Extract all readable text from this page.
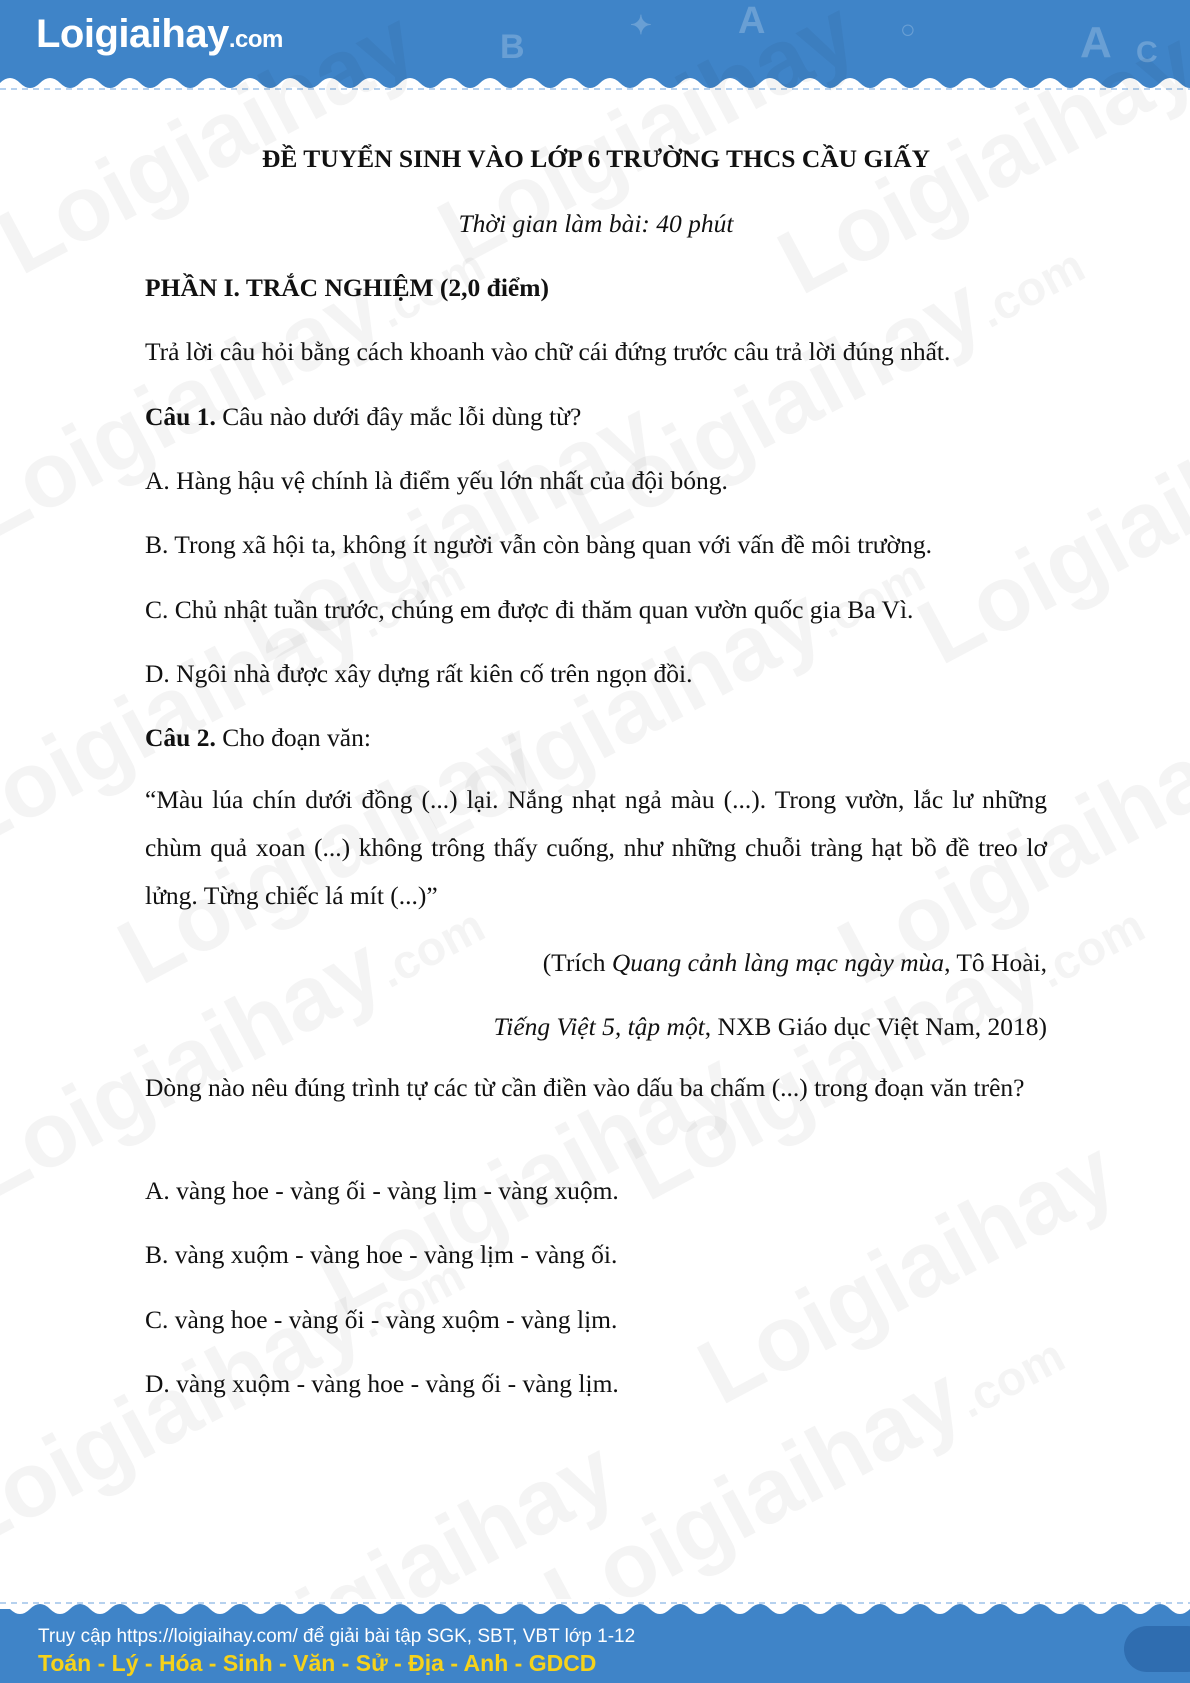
B
A	A C
✦	○
Loigiaihay.com
ĐỀ TUYỂN SINH VÀO LỚP 6 TRƯỜNG THCS CẦU GIẤY
Thời gian làm bài: 40 phút
PHẦN I. TRẮC NGHIỆM (2,0 điểm)
Trả lời câu hỏi bằng cách khoanh vào chữ cái đứng trước câu trả lời đúng nhất.
Câu 1. Câu nào dưới đây mắc lỗi dùng từ?
A. Hàng hậu vệ chính là điểm yếu lớn nhất của đội bóng.
B. Trong xã hội ta, không ít người vẫn còn bàng quan với vấn đề môi trường.
C. Chủ nhật tuần trước, chúng em được đi thăm quan vườn quốc gia Ba Vì.
D. Ngôi nhà được xây dựng rất kiên cố trên ngọn đồi.
Câu 2. Cho đoạn văn:
“Màu lúa chín dưới đồng (...) lại. Nắng nhạt ngả màu (...). Trong vườn, lắc lư những chùm quả xoan (...) không trông thấy cuống, như những chuỗi tràng hạt bồ đề treo lơ lửng. Từng chiếc lá mít (...)”
(Trích Quang cảnh làng mạc ngày mùa, Tô Hoài,
Tiếng Việt 5, tập một, NXB Giáo dục Việt Nam, 2018)
Dòng nào nêu đúng trình tự các từ cần điền vào dấu ba chấm (...) trong đoạn văn trên?
A. vàng hoe - vàng ối - vàng lịm - vàng xuộm.
B. vàng xuộm - vàng hoe - vàng lịm - vàng ối.
C. vàng hoe - vàng ối - vàng xuộm - vàng lịm.
D. vàng xuộm - vàng hoe - vàng ối - vàng lịm.
Truy cập https://loigiaihay.com/ để giải bài tập SGK, SBT, VBT lớp 1-12
Toán - Lý - Hóa - Sinh - Văn - Sử - Địa - Anh - GDCD
